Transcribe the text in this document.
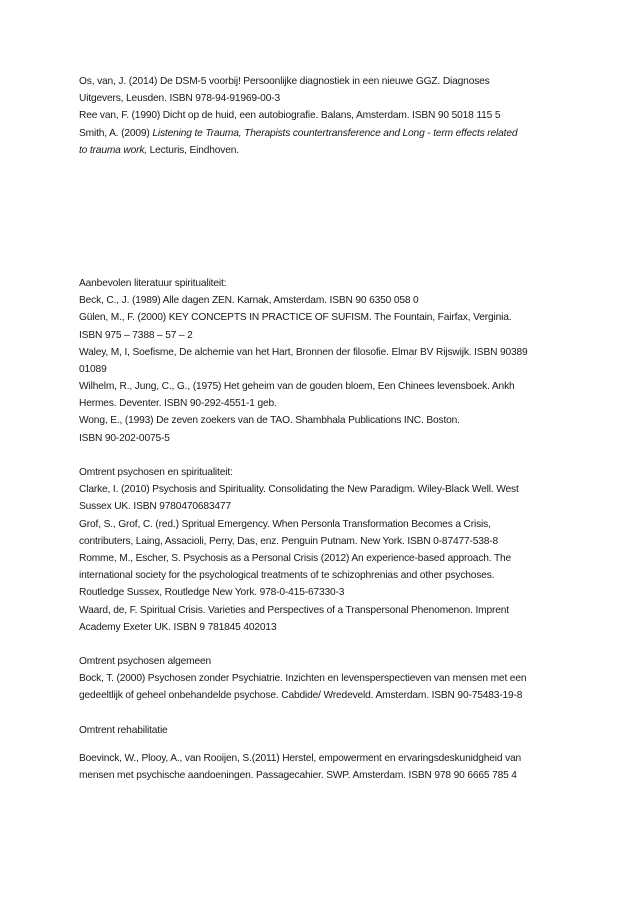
Os, van, J. (2014) De DSM-5 voorbij! Persoonlijke diagnostiek in een nieuwe GGZ. Diagnoses
Uitgevers, Leusden. ISBN 978-94-91969-00-3
Ree van, F. (1990) Dicht op de huid, een autobiografie. Balans, Amsterdam. ISBN 90 5018 115 5
Smith, A. (2009) Listening te Trauma, Therapists countertransference and Long - term effects related
to trauma work, Lecturis, Eindhoven.
Aanbevolen literatuur spiritualiteit:
Beck, C., J. (1989) Alle dagen ZEN. Karnak, Amsterdam. ISBN 90 6350 058 0
Gülen, M., F. (2000) KEY CONCEPTS IN PRACTICE OF SUFISM. The Fountain, Fairfax, Verginia.
ISBN 975 – 7388 – 57 – 2
Waley, M, I, Soefisme, De alchemie van het Hart, Bronnen der filosofie. Elmar BV Rijswijk. ISBN 90389
01089
Wilhelm, R., Jung, C., G., (1975) Het geheim van de gouden bloem, Een Chinees levensboek. Ankh
Hermes. Deventer. ISBN 90-292-4551-1 geb.
Wong, E., (1993) De zeven zoekers van de TAO. Shambhala Publications INC. Boston.
ISBN 90-202-0075-5
Omtrent psychosen en spiritualiteit:
Clarke, I. (2010) Psychosis and Spirituality. Consolidating the New Paradigm. Wiley-Black Well. West
Sussex UK. ISBN 9780470683477
Grof, S., Grof, C. (red.) Spritual Emergency. When Personla Transformation Becomes a Crisis,
contributers, Laing, Assacioli, Perry, Das, enz. Penguin Putnam. New York. ISBN 0-87477-538-8
Romme, M., Escher, S. Psychosis as a Personal Crisis (2012) An experience-based approach. The
international society for the psychological treatments of te schizophrenias and other psychoses.
Routledge Sussex, Routledge New York. 978-0-415-67330-3
Waard, de, F. Spiritual Crisis. Varieties and Perspectives of a Transpersonal Phenomenon. Imprent
Academy Exeter UK. ISBN 9 781845 402013
Omtrent psychosen algemeen
Bock, T. (2000) Psychosen zonder Psychiatrie. Inzichten en levensperspectieven van mensen met een
gedeeltlijk of geheel onbehandelde psychose. Cabdide/ Wredeveld. Amsterdam. ISBN 90-75483-19-8
Omtrent rehabilitatie
Boevinck, W., Plooy, A., van Rooijen, S.(2011) Herstel, empowerment en ervaringsdeskunidgheid van
mensen met psychische aandoeningen. Passagecahier. SWP. Amsterdam. ISBN 978 90 6665 785 4
